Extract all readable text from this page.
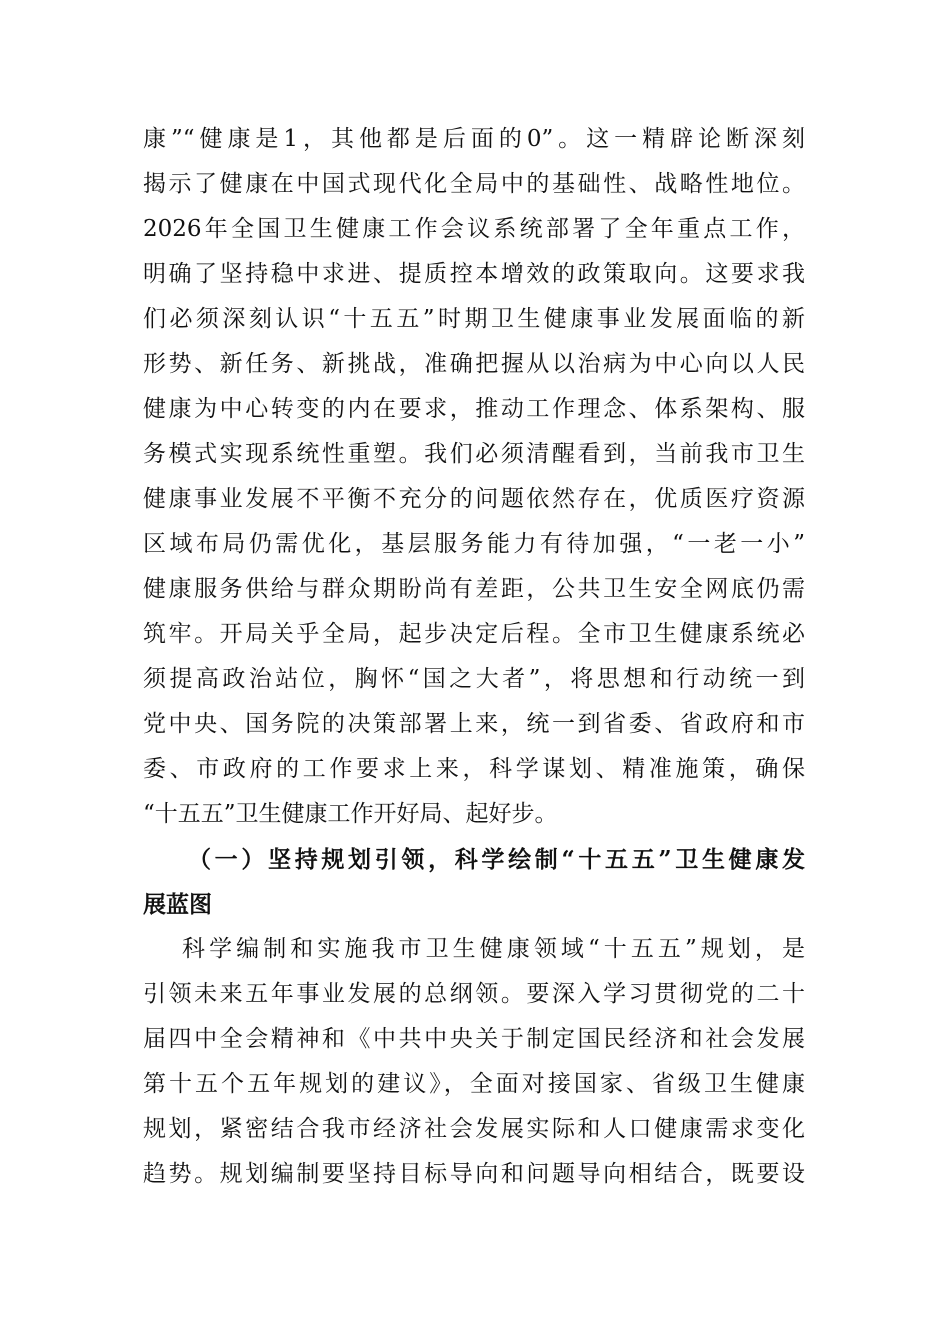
康”“健康是1，其他都是后面的0”。这一精辟论断深刻
揭示了健康在中国式现代化全局中的基础性、战略性地位。
2026年全国卫生健康工作会议系统部署了全年重点工作，
明确了坚持稳中求进、提质控本增效的政策取向。这要求我
们必须深刻认识“十五五”时期卫生健康事业发展面临的新
形势、新任务、新挑战，准确把握从以治病为中心向以人民
健康为中心转变的内在要求，推动工作理念、体系架构、服
务模式实现系统性重塑。我们必须清醒看到，当前我市卫生
健康事业发展不平衡不充分的问题依然存在，优质医疗资源
区域布局仍需优化，基层服务能力有待加强，“一老一小”
健康服务供给与群众期盼尚有差距，公共卫生安全网底仍需
筑牢。开局关乎全局，起步决定后程。全市卫生健康系统必
须提高政治站位，胸怀“国之大者”，将思想和行动统一到
党中央、国务院的决策部署上来，统一到省委、省政府和市
委、市政府的工作要求上来，科学谋划、精准施策，确保
“十五五”卫生健康工作开好局、起好步。
（一）坚持规划引领，科学绘制“十五五”卫生健康发
展蓝图
科学编制和实施我市卫生健康领域“十五五”规划，是
引领未来五年事业发展的总纲领。要深入学习贯彻党的二十
届四中全会精神和《中共中央关于制定国民经济和社会发展
第十五个五年规划的建议》，全面对接国家、省级卫生健康
规划，紧密结合我市经济社会发展实际和人口健康需求变化
趋势。规划编制要坚持目标导向和问题导向相结合，既要设
